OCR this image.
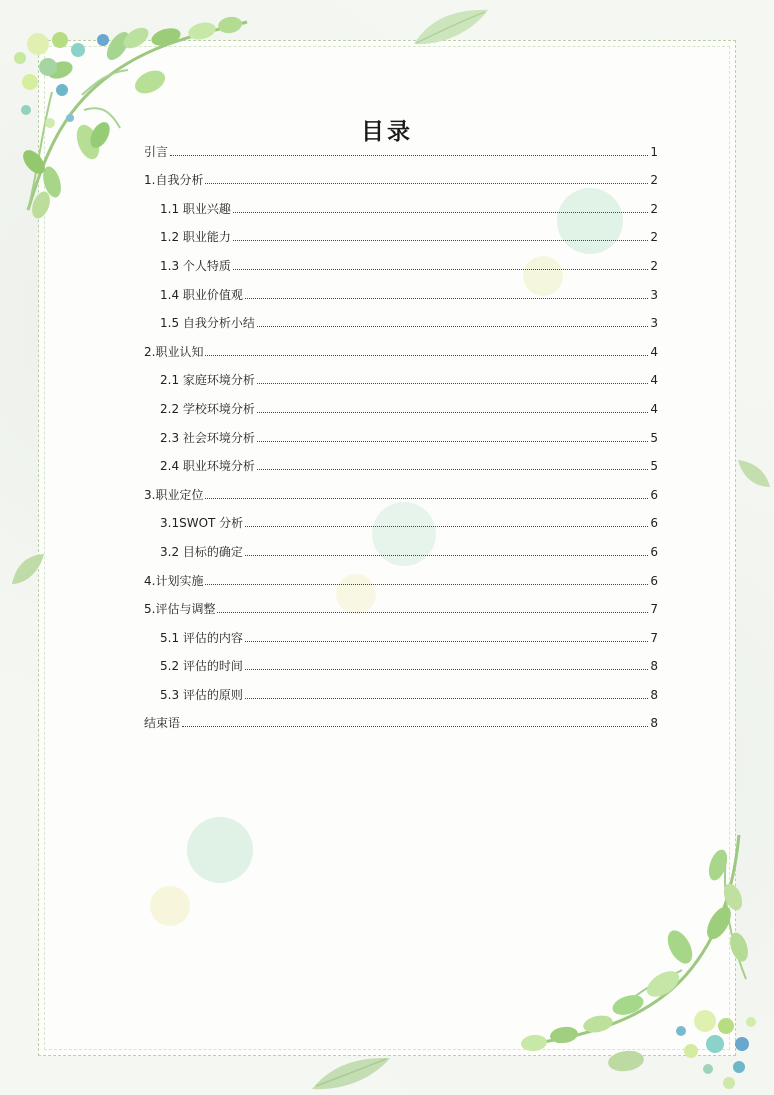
目录
引言	1
1.自我分析	2
1.1 职业兴趣	2
1.2 职业能力	2
1.3 个人特质	2
1.4 职业价值观	3
1.5 自我分析小结	3
2.职业认知	4
2.1 家庭环境分析	4
2.2 学校环境分析	4
2.3 社会环境分析	5
2.4 职业环境分析	5
3.职业定位	6
3.1SWOT 分析	6
3.2 目标的确定	6
4.计划实施	6
5.评估与调整	7
5.1 评估的内容	7
5.2 评估的时间	8
5.3 评估的原则	8
结束语	8
